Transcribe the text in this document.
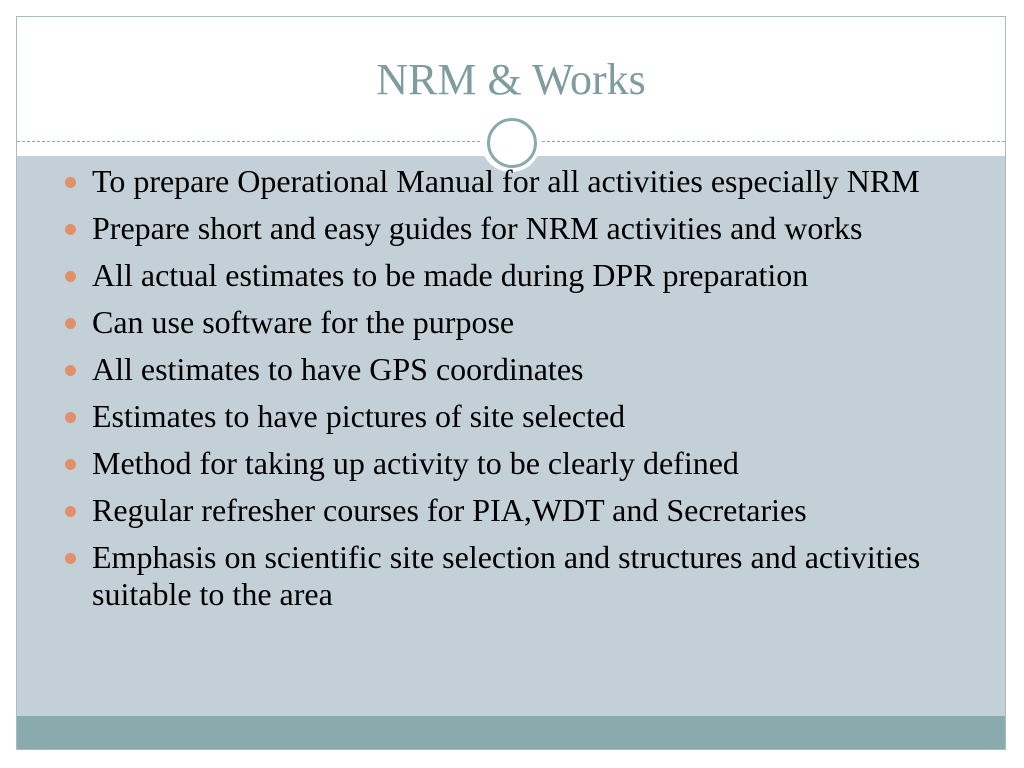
NRM & Works
To prepare Operational Manual for all activities especially NRM
Prepare short and easy guides for NRM activities and works
All actual estimates to be made during DPR preparation
Can use software for the purpose
All estimates to have GPS coordinates
Estimates to have pictures of site selected
Method for taking up activity to be clearly defined
Regular refresher courses for PIA,WDT and Secretaries
Emphasis on scientific site selection and structures and activities suitable to the area
